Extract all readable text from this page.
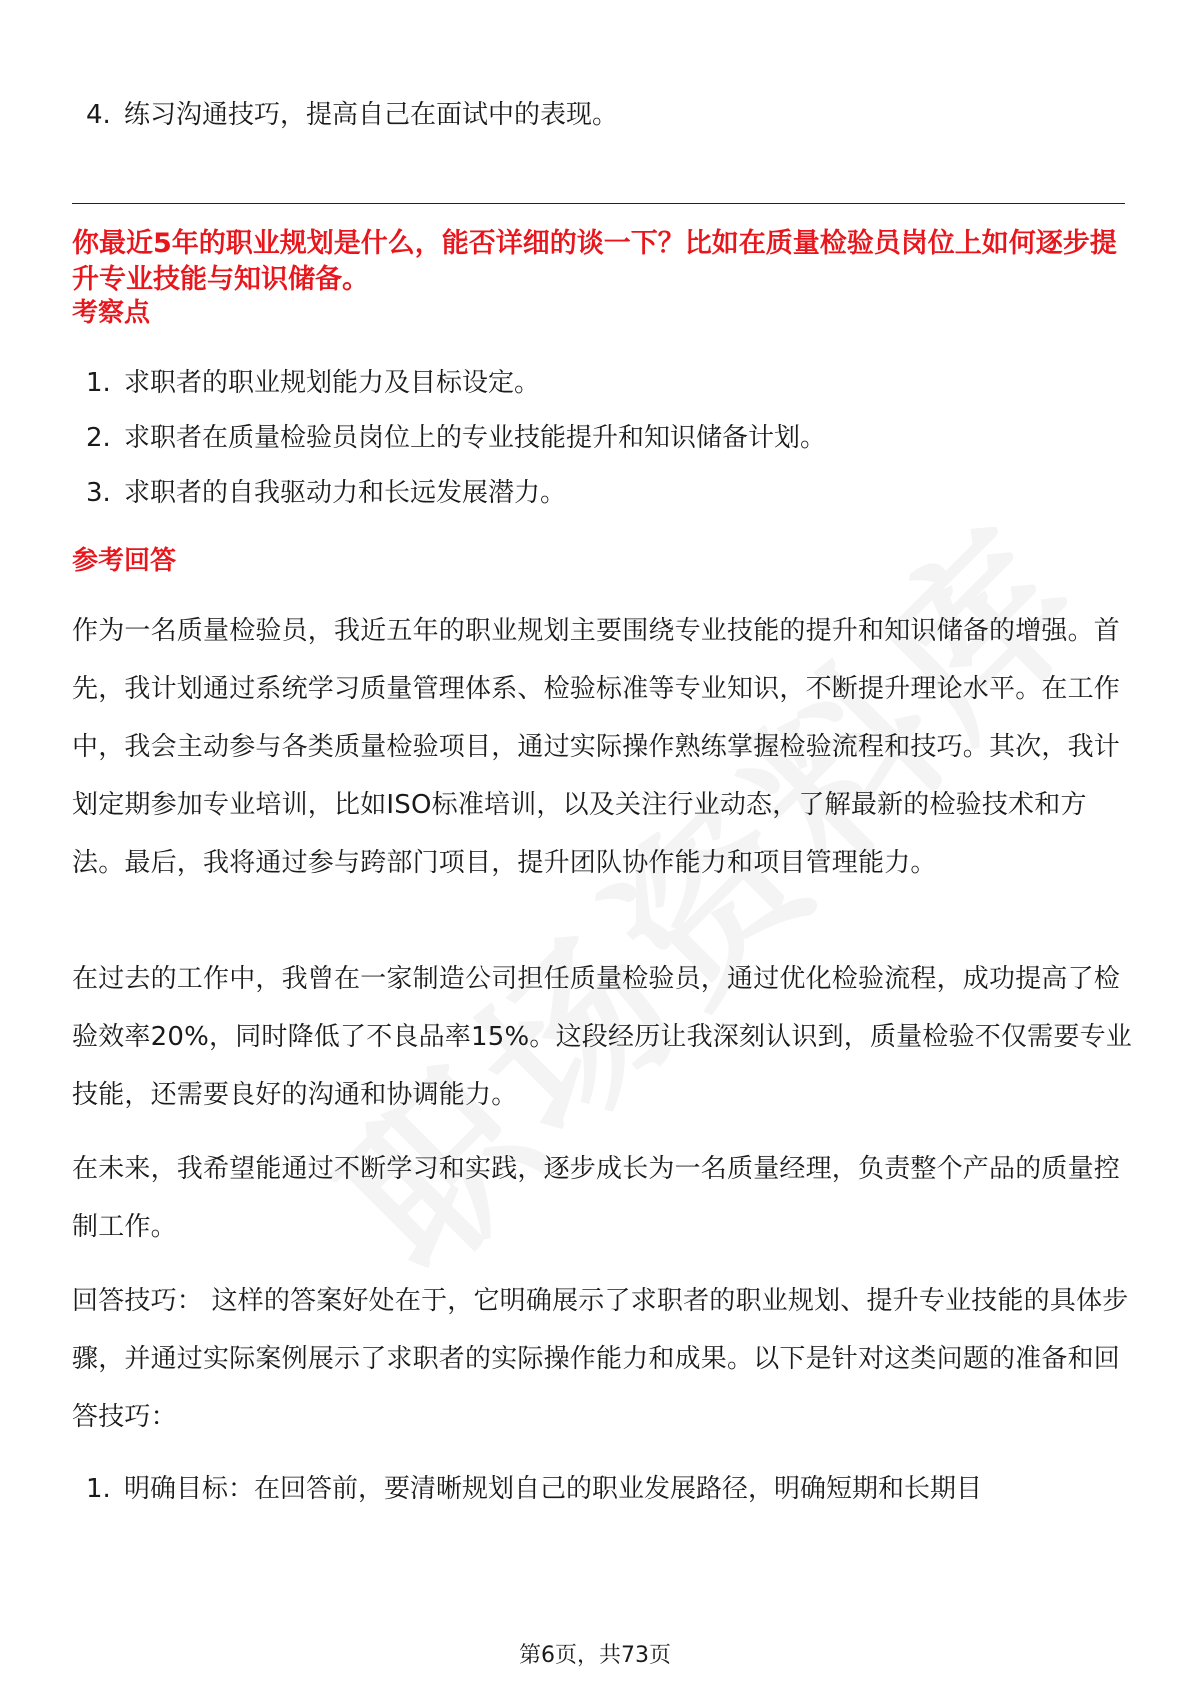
4. 练习沟通技巧，提高自己在面试中的表现。
你最近5年的职业规划是什么，能否详细的谈一下？比如在质量检验员岗位上如何逐步提升专业技能与知识储备。
考察点
1. 求职者的职业规划能力及目标设定。
2. 求职者在质量检验员岗位上的专业技能提升和知识储备计划。
3. 求职者的自我驱动力和长远发展潜力。
参考回答
作为一名质量检验员，我近五年的职业规划主要围绕专业技能的提升和知识储备的增强。首先，我计划通过系统学习质量管理体系、检验标准等专业知识，不断提升理论水平。在工作中，我会主动参与各类质量检验项目，通过实际操作熟练掌握检验流程和技巧。其次，我计划定期参加专业培训，比如ISO标准培训，以及关注行业动态，了解最新的检验技术和方法。最后，我将通过参与跨部门项目，提升团队协作能力和项目管理能力。
在过去的工作中，我曾在一家制造公司担任质量检验员，通过优化检验流程，成功提高了检验效率20%，同时降低了不良品率15%。这段经历让我深刻认识到，质量检验不仅需要专业技能，还需要良好的沟通和协调能力。
在未来，我希望能通过不断学习和实践，逐步成长为一名质量经理，负责整个产品的质量控制工作。
回答技巧： 这样的答案好处在于，它明确展示了求职者的职业规划、提升专业技能的具体步骤，并通过实际案例展示了求职者的实际操作能力和成果。以下是针对这类问题的准备和回答技巧：
1. 明确目标：在回答前，要清晰规划自己的职业发展路径，明确短期和长期目
第6页，共73页
